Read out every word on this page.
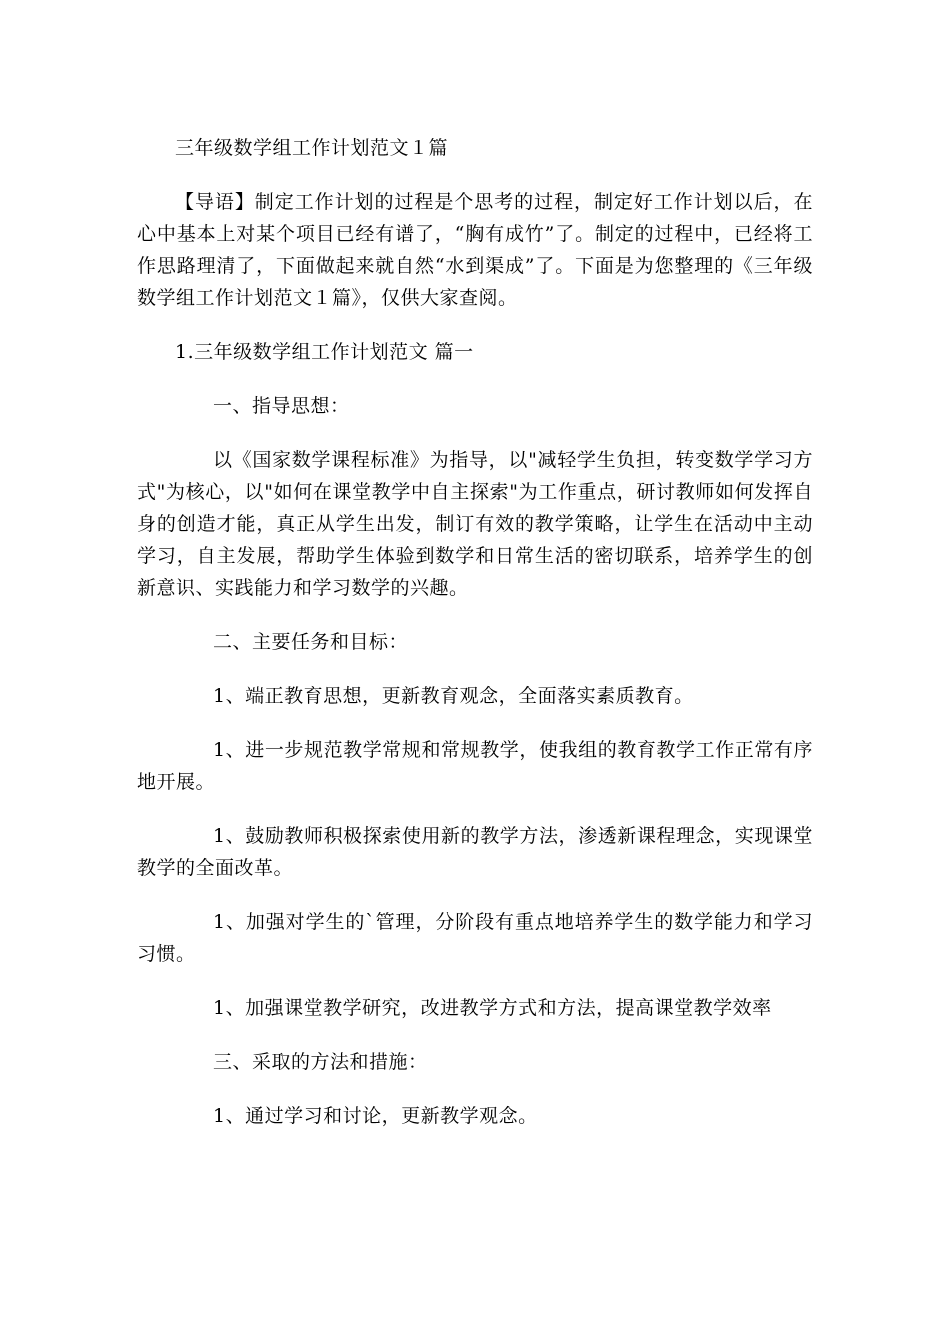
三年级数学组工作计划范文１篇

【导语】制定工作计划的过程是个思考的过程，制定好工作计划以后，在心中基本上对某个项目已经有谱了，“胸有成竹”了。制定的过程中，已经将工作思路理清了，下面做起来就自然“水到渠成”了。下面是为您整理的《三年级数学组工作计划范文１篇》，仅供大家查阅。

1.三年级数学组工作计划范文 篇一
一、指导思想：

以《国家数学课程标准》为指导，以"减轻学生负担，转变数学学习方式"为核心，以"如何在课堂教学中自主探索"为工作重点，研讨教师如何发挥自身的创造才能，真正从学生出发，制订有效的教学策略，让学生在活动中主动学习，自主发展，帮助学生体验到数学和日常生活的密切联系，培养学生的创新意识、实践能力和学习数学的兴趣。

二、主要任务和目标：

1、端正教育思想，更新教育观念，全面落实素质教育。

1、进一步规范教学常规和常规教学，使我组的教育教学工作正常有序地开展。

1、鼓励教师积极探索使用新的教学方法，渗透新课程理念，实现课堂教学的全面改革。

1、加强对学生的`管理，分阶段有重点地培养学生的数学能力和学习习惯。

1、加强课堂教学研究，改进教学方式和方法，提高课堂教学效率

三、采取的方法和措施：

1、通过学习和讨论，更新教学观念。
